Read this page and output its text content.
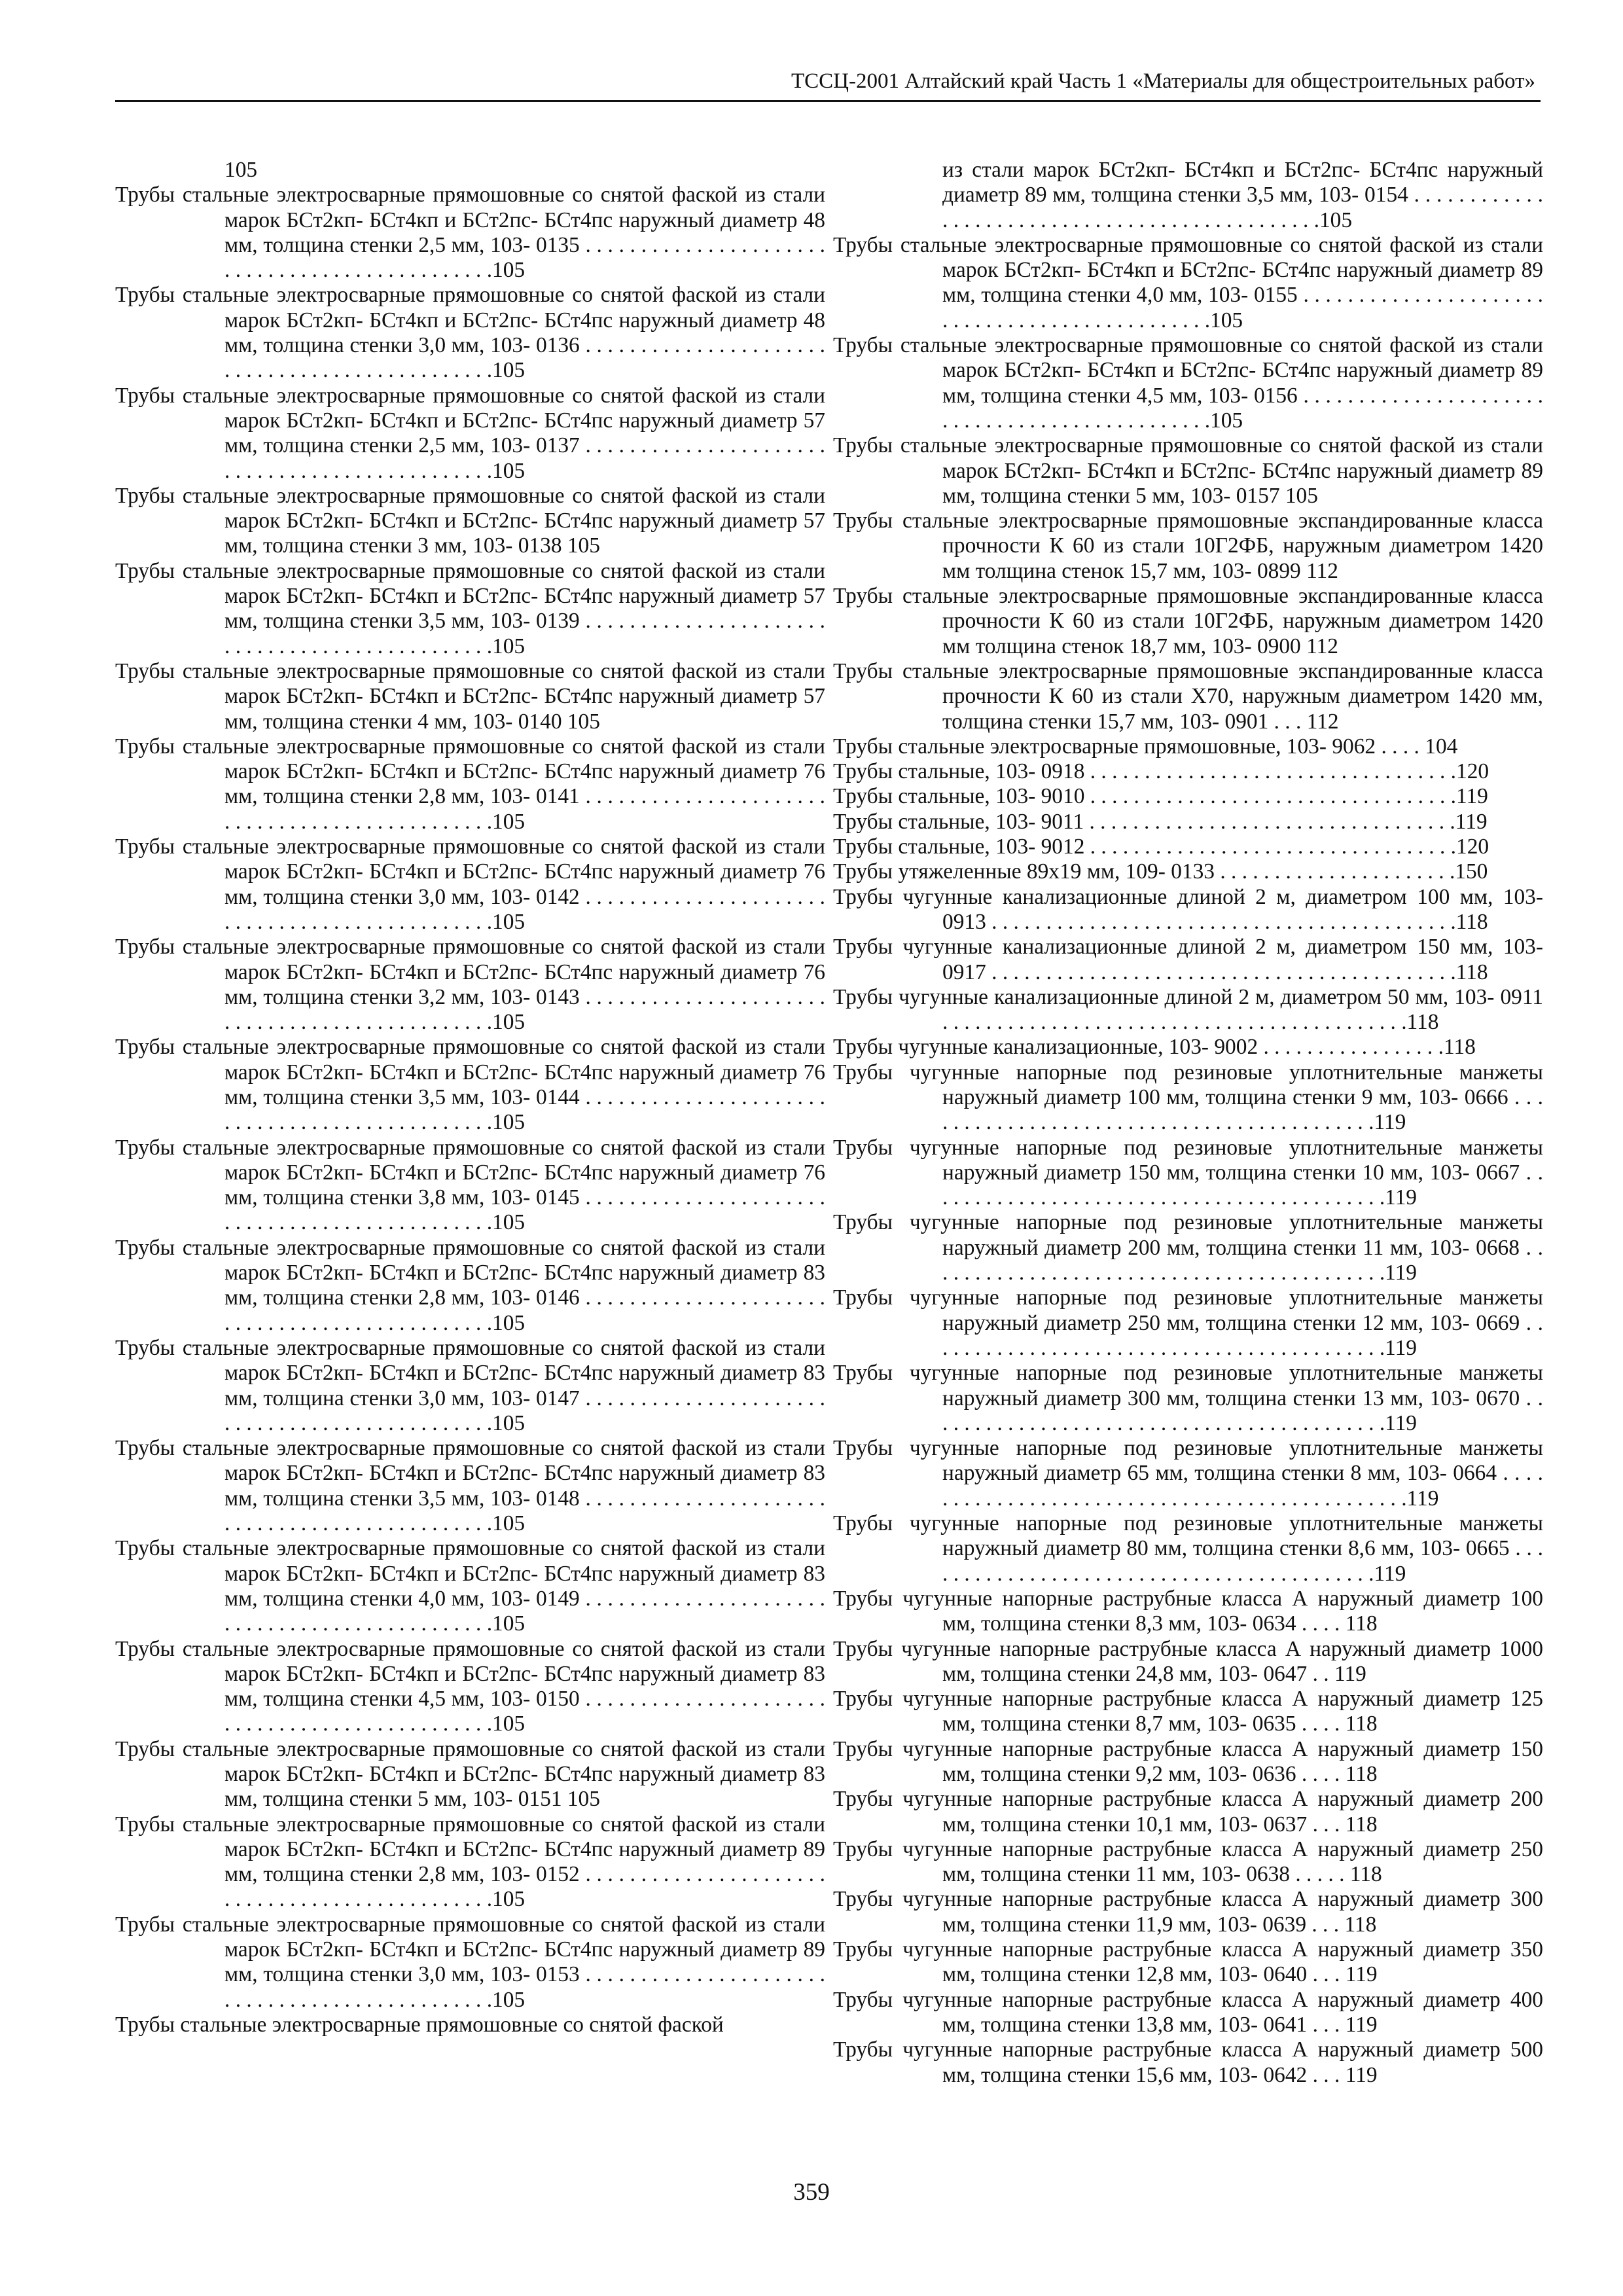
ТССЦ-2001 Алтайский край Часть 1 «Материалы для общестроительных работ»
105
Трубы стальные электросварные прямошовные со снятой фаской из стали марок БСт2кп- БСт4кп и БСт2пс- БСт4пс наружный диаметр 48 мм, толщина стенки 2,5 мм, 103- 0135 . . . . . . . . . . . . . . . . . . . . . . . . . . . . . . . . . . . . . . . . . . . . . . .105
Трубы стальные электросварные прямошовные со снятой фаской из стали марок БСт2кп- БСт4кп и БСт2пс- БСт4пс наружный диаметр 48 мм, толщина стенки 3,0 мм, 103- 0136 . . . . . . . . . . . . . . . . . . . . . . . . . . . . . . . . . . . . . . . . . . . . . . .105
Трубы стальные электросварные прямошовные со снятой фаской из стали марок БСт2кп- БСт4кп и БСт2пс- БСт4пс наружный диаметр 57 мм, толщина стенки 2,5 мм, 103- 0137 . . . . . . . . . . . . . . . . . . . . . . . . . . . . . . . . . . . . . . . . . . . . . . .105
Трубы стальные электросварные прямошовные со снятой фаской из стали марок БСт2кп- БСт4кп и БСт2пс- БСт4пс наружный диаметр 57 мм, толщина стенки 3 мм, 103- 0138 105
Трубы стальные электросварные прямошовные со снятой фаской из стали марок БСт2кп- БСт4кп и БСт2пс- БСт4пс наружный диаметр 57 мм, толщина стенки 3,5 мм, 103- 0139 . . . . . . . . . . . . . . . . . . . . . . . . . . . . . . . . . . . . . . . . . . . . . . .105
Трубы стальные электросварные прямошовные со снятой фаской из стали марок БСт2кп- БСт4кп и БСт2пс- БСт4пс наружный диаметр 57 мм, толщина стенки 4 мм, 103- 0140 105
Трубы стальные электросварные прямошовные со снятой фаской из стали марок БСт2кп- БСт4кп и БСт2пс- БСт4пс наружный диаметр 76 мм, толщина стенки 2,8 мм, 103- 0141 . . . . . . . . . . . . . . . . . . . . . . . . . . . . . . . . . . . . . . . . . . . . . . .105
Трубы стальные электросварные прямошовные со снятой фаской из стали марок БСт2кп- БСт4кп и БСт2пс- БСт4пс наружный диаметр 76 мм, толщина стенки 3,0 мм, 103- 0142 . . . . . . . . . . . . . . . . . . . . . . . . . . . . . . . . . . . . . . . . . . . . . . .105
Трубы стальные электросварные прямошовные со снятой фаской из стали марок БСт2кп- БСт4кп и БСт2пс- БСт4пс наружный диаметр 76 мм, толщина стенки 3,2 мм, 103- 0143 . . . . . . . . . . . . . . . . . . . . . . . . . . . . . . . . . . . . . . . . . . . . . . .105
Трубы стальные электросварные прямошовные со снятой фаской из стали марок БСт2кп- БСт4кп и БСт2пс- БСт4пс наружный диаметр 76 мм, толщина стенки 3,5 мм, 103- 0144 . . . . . . . . . . . . . . . . . . . . . . . . . . . . . . . . . . . . . . . . . . . . . . .105
Трубы стальные электросварные прямошовные со снятой фаской из стали марок БСт2кп- БСт4кп и БСт2пс- БСт4пс наружный диаметр 76 мм, толщина стенки 3,8 мм, 103- 0145 . . . . . . . . . . . . . . . . . . . . . . . . . . . . . . . . . . . . . . . . . . . . . . .105
Трубы стальные электросварные прямошовные со снятой фаской из стали марок БСт2кп- БСт4кп и БСт2пс- БСт4пс наружный диаметр 83 мм, толщина стенки 2,8 мм, 103- 0146 . . . . . . . . . . . . . . . . . . . . . . . . . . . . . . . . . . . . . . . . . . . . . . .105
Трубы стальные электросварные прямошовные со снятой фаской из стали марок БСт2кп- БСт4кп и БСт2пс- БСт4пс наружный диаметр 83 мм, толщина стенки 3,0 мм, 103- 0147 . . . . . . . . . . . . . . . . . . . . . . . . . . . . . . . . . . . . . . . . . . . . . . .105
Трубы стальные электросварные прямошовные со снятой фаской из стали марок БСт2кп- БСт4кп и БСт2пс- БСт4пс наружный диаметр 83 мм, толщина стенки 3,5 мм, 103- 0148 . . . . . . . . . . . . . . . . . . . . . . . . . . . . . . . . . . . . . . . . . . . . . . .105
Трубы стальные электросварные прямошовные со снятой фаской из стали марок БСт2кп- БСт4кп и БСт2пс- БСт4пс наружный диаметр 83 мм, толщина стенки 4,0 мм, 103- 0149 . . . . . . . . . . . . . . . . . . . . . . . . . . . . . . . . . . . . . . . . . . . . . . .105
Трубы стальные электросварные прямошовные со снятой фаской из стали марок БСт2кп- БСт4кп и БСт2пс- БСт4пс наружный диаметр 83 мм, толщина стенки 4,5 мм, 103- 0150 . . . . . . . . . . . . . . . . . . . . . . . . . . . . . . . . . . . . . . . . . . . . . . .105
Трубы стальные электросварные прямошовные со снятой фаской из стали марок БСт2кп- БСт4кп и БСт2пс- БСт4пс наружный диаметр 83 мм, толщина стенки 5 мм, 103- 0151 105
Трубы стальные электросварные прямошовные со снятой фаской из стали марок БСт2кп- БСт4кп и БСт2пс- БСт4пс наружный диаметр 89 мм, толщина стенки 2,8 мм, 103- 0152 . . . . . . . . . . . . . . . . . . . . . . . . . . . . . . . . . . . . . . . . . . . . . . .105
Трубы стальные электросварные прямошовные со снятой фаской из стали марок БСт2кп- БСт4кп и БСт2пс- БСт4пс наружный диаметр 89 мм, толщина стенки 3,0 мм, 103- 0153 . . . . . . . . . . . . . . . . . . . . . . . . . . . . . . . . . . . . . . . . . . . . . . .105
Трубы стальные электросварные прямошовные со снятой фаской
из стали марок БСт2кп- БСт4кп и БСт2пс- БСт4пс наружный диаметр 89 мм, толщина стенки 3,5 мм, 103- 0154 . . . . . . . . . . . . . . . . . . . . . . . . . . . . . . . . . . . . . . . . . . . . . . .105
Трубы стальные электросварные прямошовные со снятой фаской из стали марок БСт2кп- БСт4кп и БСт2пс- БСт4пс наружный диаметр 89 мм, толщина стенки 4,0 мм, 103- 0155 . . . . . . . . . . . . . . . . . . . . . . . . . . . . . . . . . . . . . . . . . . . . . . .105
Трубы стальные электросварные прямошовные со снятой фаской из стали марок БСт2кп- БСт4кп и БСт2пс- БСт4пс наружный диаметр 89 мм, толщина стенки 4,5 мм, 103- 0156 . . . . . . . . . . . . . . . . . . . . . . . . . . . . . . . . . . . . . . . . . . . . . . .105
Трубы стальные электросварные прямошовные со снятой фаской из стали марок БСт2кп- БСт4кп и БСт2пс- БСт4пс наружный диаметр 89 мм, толщина стенки 5 мм, 103- 0157 105
Трубы стальные электросварные прямошовные экспандированные класса прочности К 60 из стали 10Г2ФБ, наружным диаметром 1420 мм толщина стенок 15,7 мм, 103- 0899 112
Трубы стальные электросварные прямошовные экспандированные класса прочности К 60 из стали 10Г2ФБ, наружным диаметром 1420 мм толщина стенок 18,7 мм, 103- 0900 112
Трубы стальные электросварные прямошовные экспандированные класса прочности К 60 из стали Х70, наружным диаметром 1420 мм, толщина стенки 15,7 мм, 103- 0901 . . . 112
Трубы стальные электросварные прямошовные, 103- 9062 . . . . 104
Трубы стальные, 103- 0918 . . . . . . . . . . . . . . . . . . . . . . . . . . . . . . . . . .120
Трубы стальные, 103- 9010 . . . . . . . . . . . . . . . . . . . . . . . . . . . . . . . . . .119
Трубы стальные, 103- 9011 . . . . . . . . . . . . . . . . . . . . . . . . . . . . . . . . . .119
Трубы стальные, 103- 9012 . . . . . . . . . . . . . . . . . . . . . . . . . . . . . . . . . .120
Трубы утяжеленные 89х19 мм, 109- 0133 . . . . . . . . . . . . . . . . . . . . . .150
Трубы чугунные канализационные длиной 2 м, диаметром 100 мм, 103- 0913 . . . . . . . . . . . . . . . . . . . . . . . . . . . . . . . . . . . . . . . . . . .118
Трубы чугунные канализационные длиной 2 м, диаметром 150 мм, 103- 0917 . . . . . . . . . . . . . . . . . . . . . . . . . . . . . . . . . . . . . . . . . . .118
Трубы чугунные канализационные длиной 2 м, диаметром 50 мм, 103- 0911 . . . . . . . . . . . . . . . . . . . . . . . . . . . . . . . . . . . . . . . . . . .118
Трубы чугунные канализационные, 103- 9002 . . . . . . . . . . . . . . . . .118
Трубы чугунные напорные под резиновые уплотнительные манжеты наружный диаметр 100 мм, толщина стенки 9 мм, 103- 0666 . . . . . . . . . . . . . . . . . . . . . . . . . . . . . . . . . . . . . . . . . . .119
Трубы чугунные напорные под резиновые уплотнительные манжеты наружный диаметр 150 мм, толщина стенки 10 мм, 103- 0667 . . . . . . . . . . . . . . . . . . . . . . . . . . . . . . . . . . . . . . . . . . .119
Трубы чугунные напорные под резиновые уплотнительные манжеты наружный диаметр 200 мм, толщина стенки 11 мм, 103- 0668 . . . . . . . . . . . . . . . . . . . . . . . . . . . . . . . . . . . . . . . . . . .119
Трубы чугунные напорные под резиновые уплотнительные манжеты наружный диаметр 250 мм, толщина стенки 12 мм, 103- 0669 . . . . . . . . . . . . . . . . . . . . . . . . . . . . . . . . . . . . . . . . . . .119
Трубы чугунные напорные под резиновые уплотнительные манжеты наружный диаметр 300 мм, толщина стенки 13 мм, 103- 0670 . . . . . . . . . . . . . . . . . . . . . . . . . . . . . . . . . . . . . . . . . . .119
Трубы чугунные напорные под резиновые уплотнительные манжеты наружный диаметр 65 мм, толщина стенки 8 мм, 103- 0664 . . . . . . . . . . . . . . . . . . . . . . . . . . . . . . . . . . . . . . . . . . . . . . .119
Трубы чугунные напорные под резиновые уплотнительные манжеты наружный диаметр 80 мм, толщина стенки 8,6 мм, 103- 0665 . . . . . . . . . . . . . . . . . . . . . . . . . . . . . . . . . . . . . . . . . . .119
Трубы чугунные напорные раструбные класса А наружный диаметр 100 мм, толщина стенки 8,3 мм, 103- 0634 . . . . 118
Трубы чугунные напорные раструбные класса А наружный диаметр 1000 мм, толщина стенки 24,8 мм, 103- 0647 . . 119
Трубы чугунные напорные раструбные класса А наружный диаметр 125 мм, толщина стенки 8,7 мм, 103- 0635 . . . . 118
Трубы чугунные напорные раструбные класса А наружный диаметр 150 мм, толщина стенки 9,2 мм, 103- 0636 . . . . 118
Трубы чугунные напорные раструбные класса А наружный диаметр 200 мм, толщина стенки 10,1 мм, 103- 0637 . . . 118
Трубы чугунные напорные раструбные класса А наружный диаметр 250 мм, толщина стенки 11 мм, 103- 0638 . . . . . 118
Трубы чугунные напорные раструбные класса А наружный диаметр 300 мм, толщина стенки 11,9 мм, 103- 0639 . . . 118
Трубы чугунные напорные раструбные класса А наружный диаметр 350 мм, толщина стенки 12,8 мм, 103- 0640 . . . 119
Трубы чугунные напорные раструбные класса А наружный диаметр 400 мм, толщина стенки 13,8 мм, 103- 0641 . . . 119
Трубы чугунные напорные раструбные класса А наружный диаметр 500 мм, толщина стенки 15,6 мм, 103- 0642 . . . 119
359
